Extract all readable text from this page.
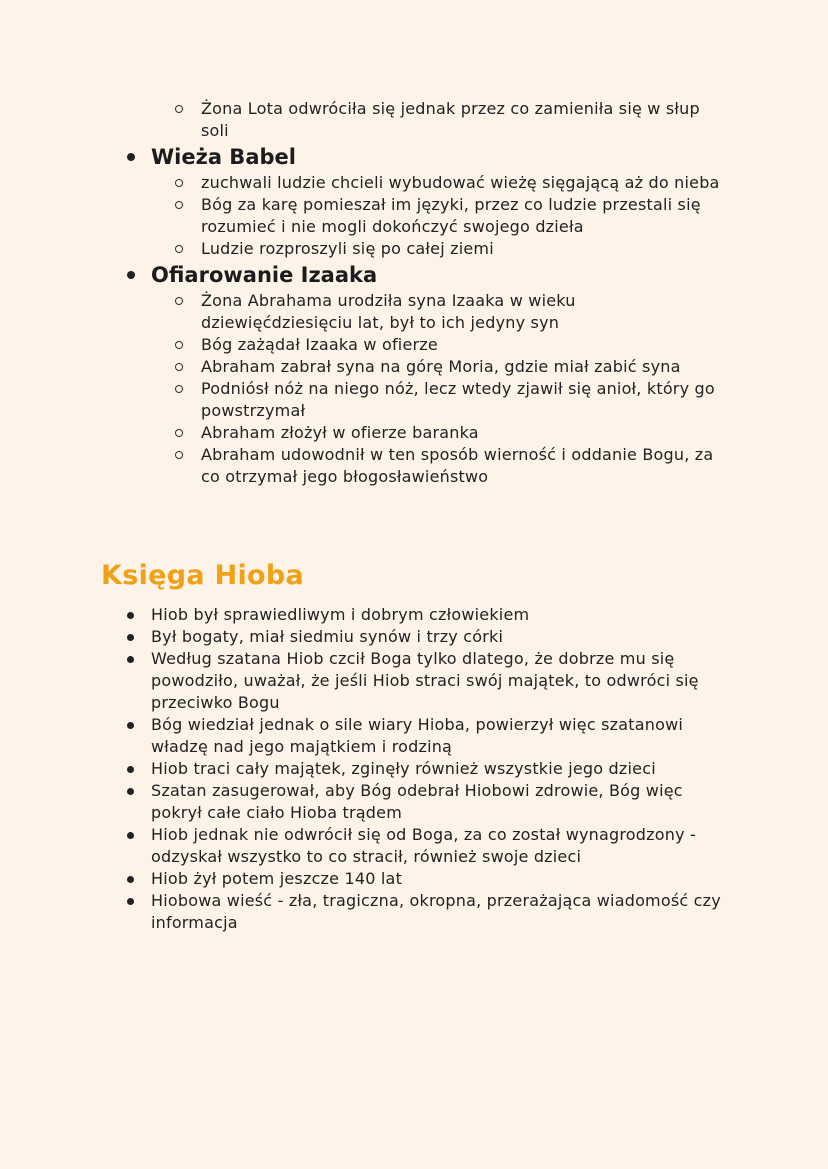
Żona Lota odwróciła się jednak przez co zamieniła się w słup soli
Wieża Babel
zuchwali ludzie chcieli wybudować wieżę sięgającą aż do nieba
Bóg za karę pomieszał im języki, przez co ludzie przestali się rozumieć i nie mogli dokończyć swojego dzieła
Ludzie rozproszyli się po całej ziemi
Ofiarowanie Izaaka
Żona Abrahama urodziła syna Izaaka w wieku dziewięćdziesięciu lat, był to ich jedyny syn
Bóg zażądał Izaaka w ofierze
Abraham zabrał syna na górę Moria, gdzie miał zabić syna
Podniósł nóż na niego nóż, lecz wtedy zjawił się anioł, który go powstrzymał
Abraham złożył w ofierze baranka
Abraham udowodnił w ten sposób wierność i oddanie Bogu, za co otrzymał jego błogosławieństwo
Księga Hioba
Hiob był sprawiedliwym i dobrym człowiekiem
Był bogaty, miał siedmiu synów i trzy córki
Według szatana Hiob czcił Boga tylko dlatego, że dobrze mu się powodziło, uważał, że jeśli Hiob straci swój majątek, to odwróci się przeciwko Bogu
Bóg wiedział jednak o sile wiary Hioba, powierzył więc szatanowi władzę nad jego majątkiem i rodziną
Hiob traci cały majątek, zginęły również wszystkie jego dzieci
Szatan zasugerował, aby Bóg odebrał Hiobowi zdrowie, Bóg więc pokrył całe ciało Hioba trądem
Hiob jednak nie odwrócił się od Boga, za co został wynagrodzony - odzyskał wszystko to co stracił, również swoje dzieci
Hiob żył potem jeszcze 140 lat
Hiobowa wieść - zła, tragiczna, okropna, przerażająca wiadomość czy informacja
